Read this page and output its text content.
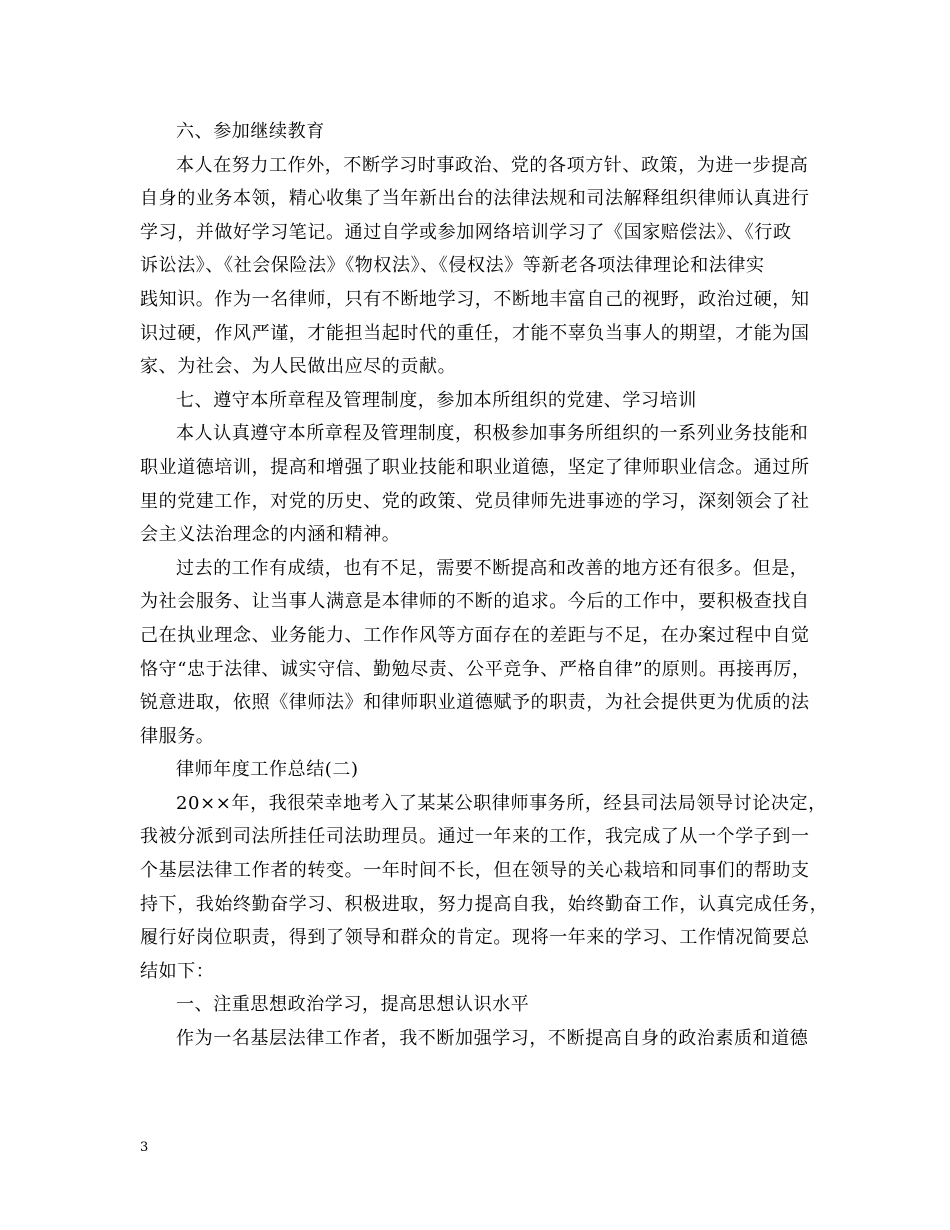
六、参加继续教育
本人在努力工作外，不断学习时事政治、党的各项方针、政策，为进一步提高
自身的业务本领，精心收集了当年新出台的法律法规和司法解释组织律师认真进行
学习，并做好学习笔记。通过自学或参加网络培训学习了《国家赔偿法》、《行政
诉讼法》、《社会保险法》《物权法》、《侵权法》等新老各项法律理论和法律实
践知识。作为一名律师，只有不断地学习，不断地丰富自己的视野，政治过硬，知
识过硬，作风严谨，才能担当起时代的重任，才能不辜负当事人的期望，才能为国
家、为社会、为人民做出应尽的贡献。
七、遵守本所章程及管理制度，参加本所组织的党建、学习培训
本人认真遵守本所章程及管理制度，积极参加事务所组织的一系列业务技能和
职业道德培训，提高和增强了职业技能和职业道德，坚定了律师职业信念。通过所
里的党建工作，对党的历史、党的政策、党员律师先进事迹的学习，深刻领会了社
会主义法治理念的内涵和精神。
过去的工作有成绩，也有不足，需要不断提高和改善的地方还有很多。但是，
为社会服务、让当事人满意是本律师的不断的追求。今后的工作中，要积极查找自
己在执业理念、业务能力、工作作风等方面存在的差距与不足，在办案过程中自觉
恪守“忠于法律、诚实守信、勤勉尽责、公平竞争、严格自律”的原则。再接再厉，
锐意进取，依照《律师法》和律师职业道德赋予的职责，为社会提供更为优质的法
律服务。
律师年度工作总结(二)
20××年，我很荣幸地考入了某某公职律师事务所，经县司法局领导讨论决定，
我被分派到司法所挂任司法助理员。通过一年来的工作，我完成了从一个学子到一
个基层法律工作者的转变。一年时间不长，但在领导的关心栽培和同事们的帮助支
持下，我始终勤奋学习、积极进取，努力提高自我，始终勤奋工作，认真完成任务，
履行好岗位职责，得到了领导和群众的肯定。现将一年来的学习、工作情况简要总
结如下：
一、注重思想政治学习，提高思想认识水平
作为一名基层法律工作者，我不断加强学习，不断提高自身的政治素质和道德
3
